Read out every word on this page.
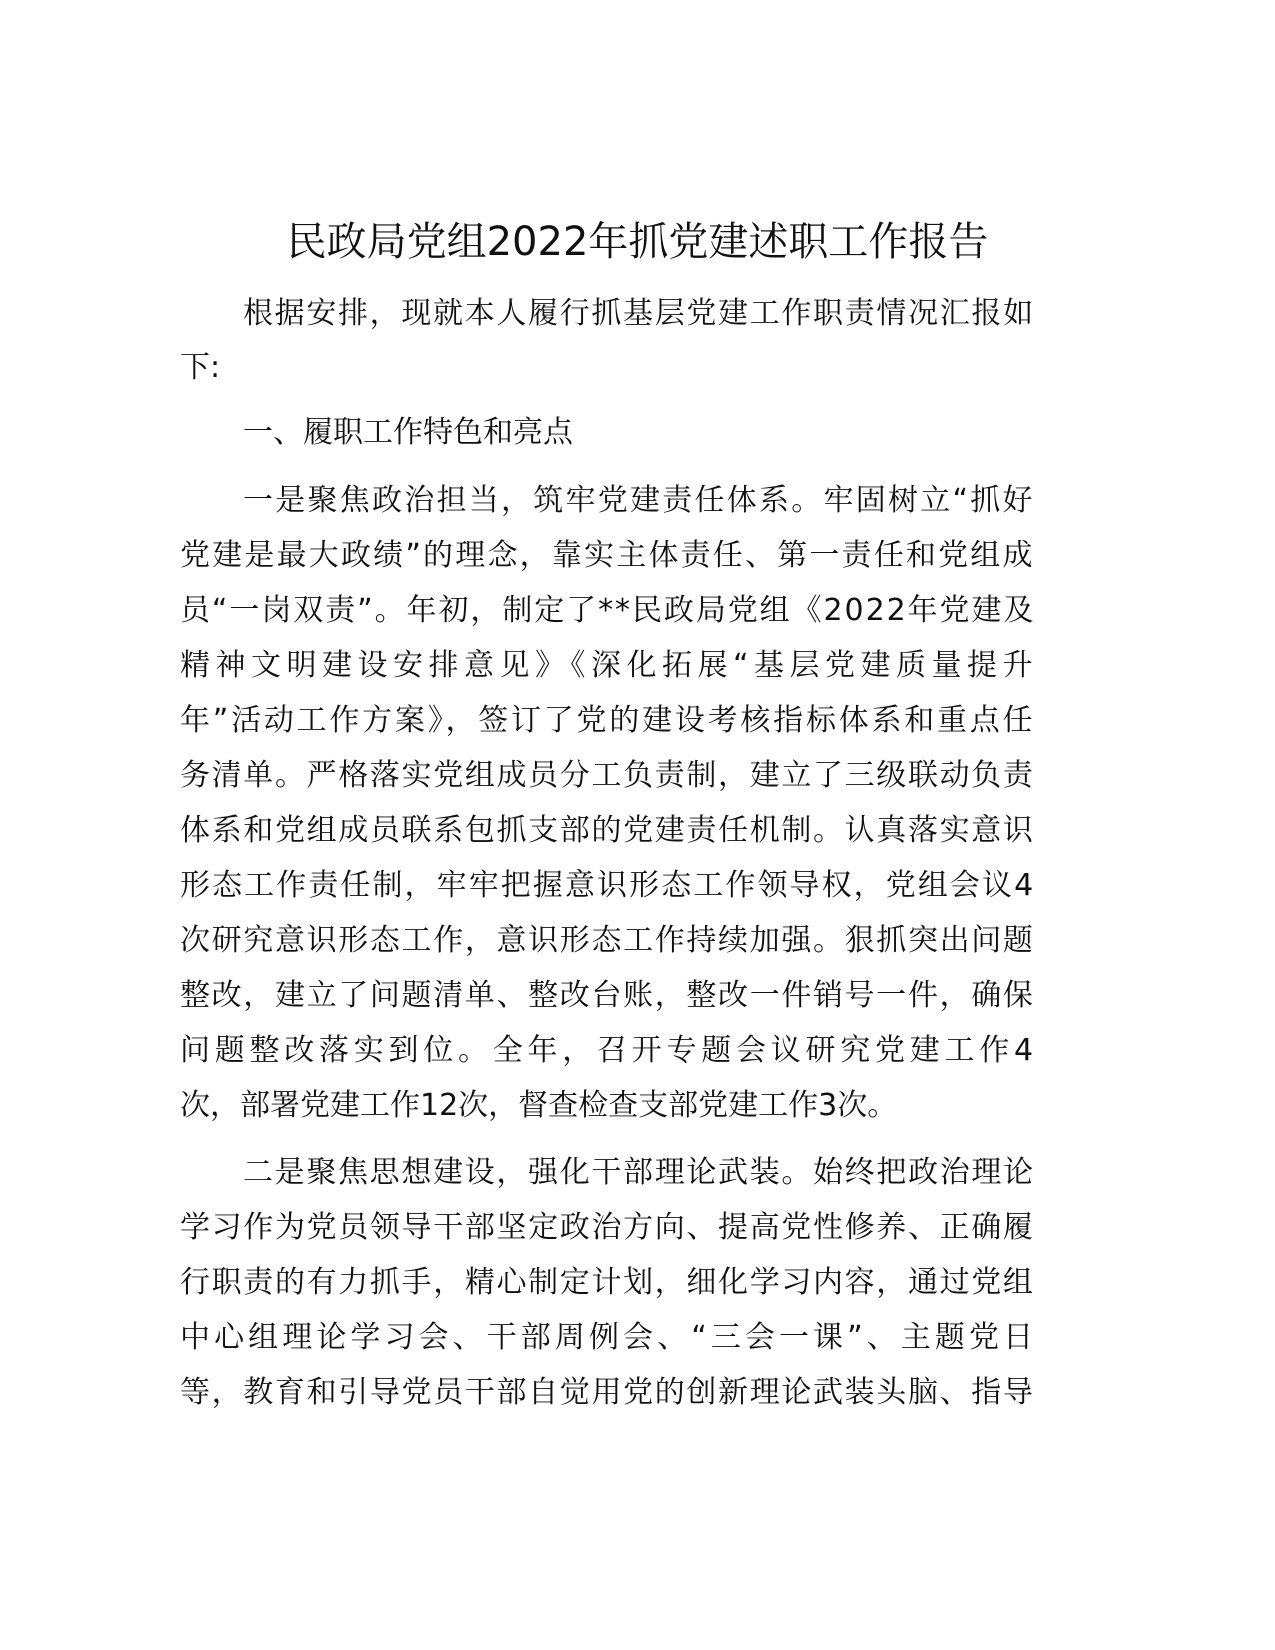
民政局党组2022年抓党建述职工作报告
根据安排，现就本人履行抓基层党建工作职责情况汇报如
下:
一、履职工作特色和亮点
一是聚焦政治担当，筑牢党建责任体系。牢固树立“抓好
党建是最大政绩”的理念，靠实主体责任、第一责任和党组成
员“一岗双责”。年初，制定了**民政局党组《2022年党建及
精神文明建设安排意见》《深化拓展“基层党建质量提升
年”活动工作方案》，签订了党的建设考核指标体系和重点任
务清单。严格落实党组成员分工负责制，建立了三级联动负责
体系和党组成员联系包抓支部的党建责任机制。认真落实意识
形态工作责任制，牢牢把握意识形态工作领导权，党组会议4
次研究意识形态工作，意识形态工作持续加强。狠抓突出问题
整改，建立了问题清单、整改台账，整改一件销号一件，确保
问题整改落实到位。全年，召开专题会议研究党建工作4
次，部署党建工作12次，督查检查支部党建工作3次。
二是聚焦思想建设，强化干部理论武装。始终把政治理论
学习作为党员领导干部坚定政治方向、提高党性修养、正确履
行职责的有力抓手，精心制定计划，细化学习内容，通过党组
中心组理论学习会、干部周例会、“三会一课”、主题党日
等，教育和引导党员干部自觉用党的创新理论武装头脑、指导
